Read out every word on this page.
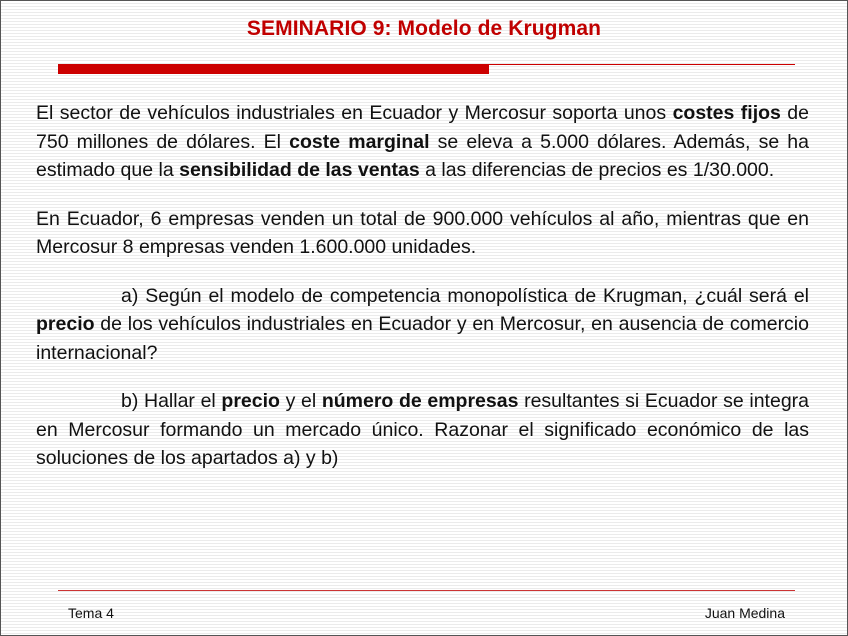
SEMINARIO 9: Modelo de Krugman

El sector de vehículos industriales en Ecuador y Mercosur soporta unos costes fijos de 750 millones de dólares. El coste marginal se eleva a 5.000 dólares. Además, se ha estimado que la sensibilidad de las ventas a las diferencias de precios es 1/30.000.

En Ecuador, 6 empresas venden un total de 900.000 vehículos al año, mientras que en Mercosur 8 empresas venden 1.600.000 unidades.

a) Según el modelo de competencia monopolística de Krugman, ¿cuál será el precio de los vehículos industriales en Ecuador y en Mercosur, en ausencia de comercio internacional?

b) Hallar el precio y el número de empresas resultantes si Ecuador se integra en Mercosur formando un mercado único. Razonar el significado económico de las soluciones de los apartados a) y b)

Tema 4	Juan Medina
